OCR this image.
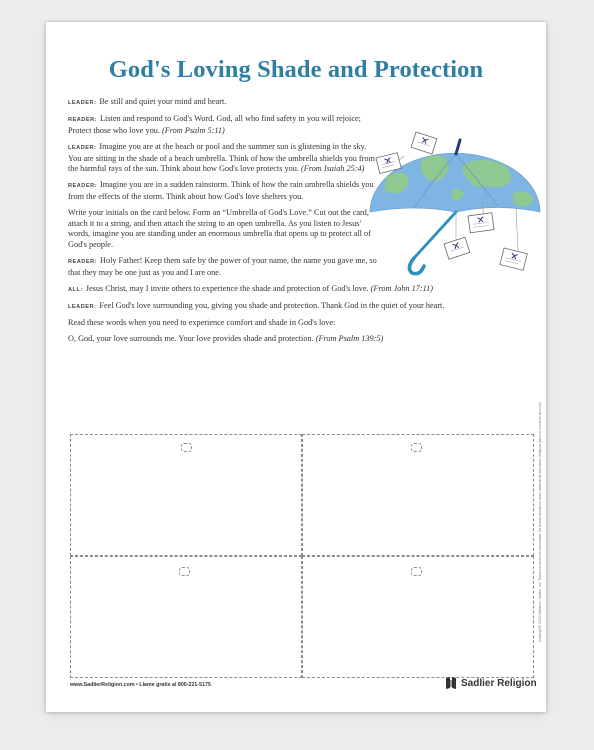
God's Loving Shade and Protection

LEADER: Be still and quiet your mind and heart.

READER: Listen and respond to God's Word. God, all who find safety in you will rejoice; Protect those who love you. (From Psalm 5:11)

LEADER: Imagine you are at the beach or pool and the summer sun is glistening in the sky. You are sitting in the shade of a beach umbrella. Think of how the umbrella shields you from the harmful rays of the sun. Think about how God's love protects you. (From Isaiah 25:4)

READER: Imagine you are in a sudden rainstorm. Think of how the rain umbrella shields you from the effects of the storm. Think about how God's love shelters you.

Write your initials on the card below. Form an “Umbrella of God's Love.” Cut out the card, attach it to a string, and then attach the string to an open umbrella. As you listen to Jesus' words, imagine you are standing under an enormous umbrella that opens up to protect all of God's people.

READER: Holy Father! Keep them safe by the power of your name, the name you gave me, so that they may be one just as you and I are one.

ALL: Jesus Christ, may I invite others to experience the shade and protection of God's love. (From John 17:11)

LEADER: Feel God's love surrounding you, giving you shade and protection. Thank God in the quiet of your heart.

Read these words when you need to experience comfort and shade in God's love:

O, God, your love surrounds me. Your love provides shade and protection. (From Psalm 139:5)

www.SadlierReligion.com • Llame gratis al 800-221-5175	Sadlier Religion
Copyright© 2015 William H. Sadlier, Inc. Todos los derechos reservados. Se puede reproducir como material de educación religiosa (pero no con fines de lucro).
